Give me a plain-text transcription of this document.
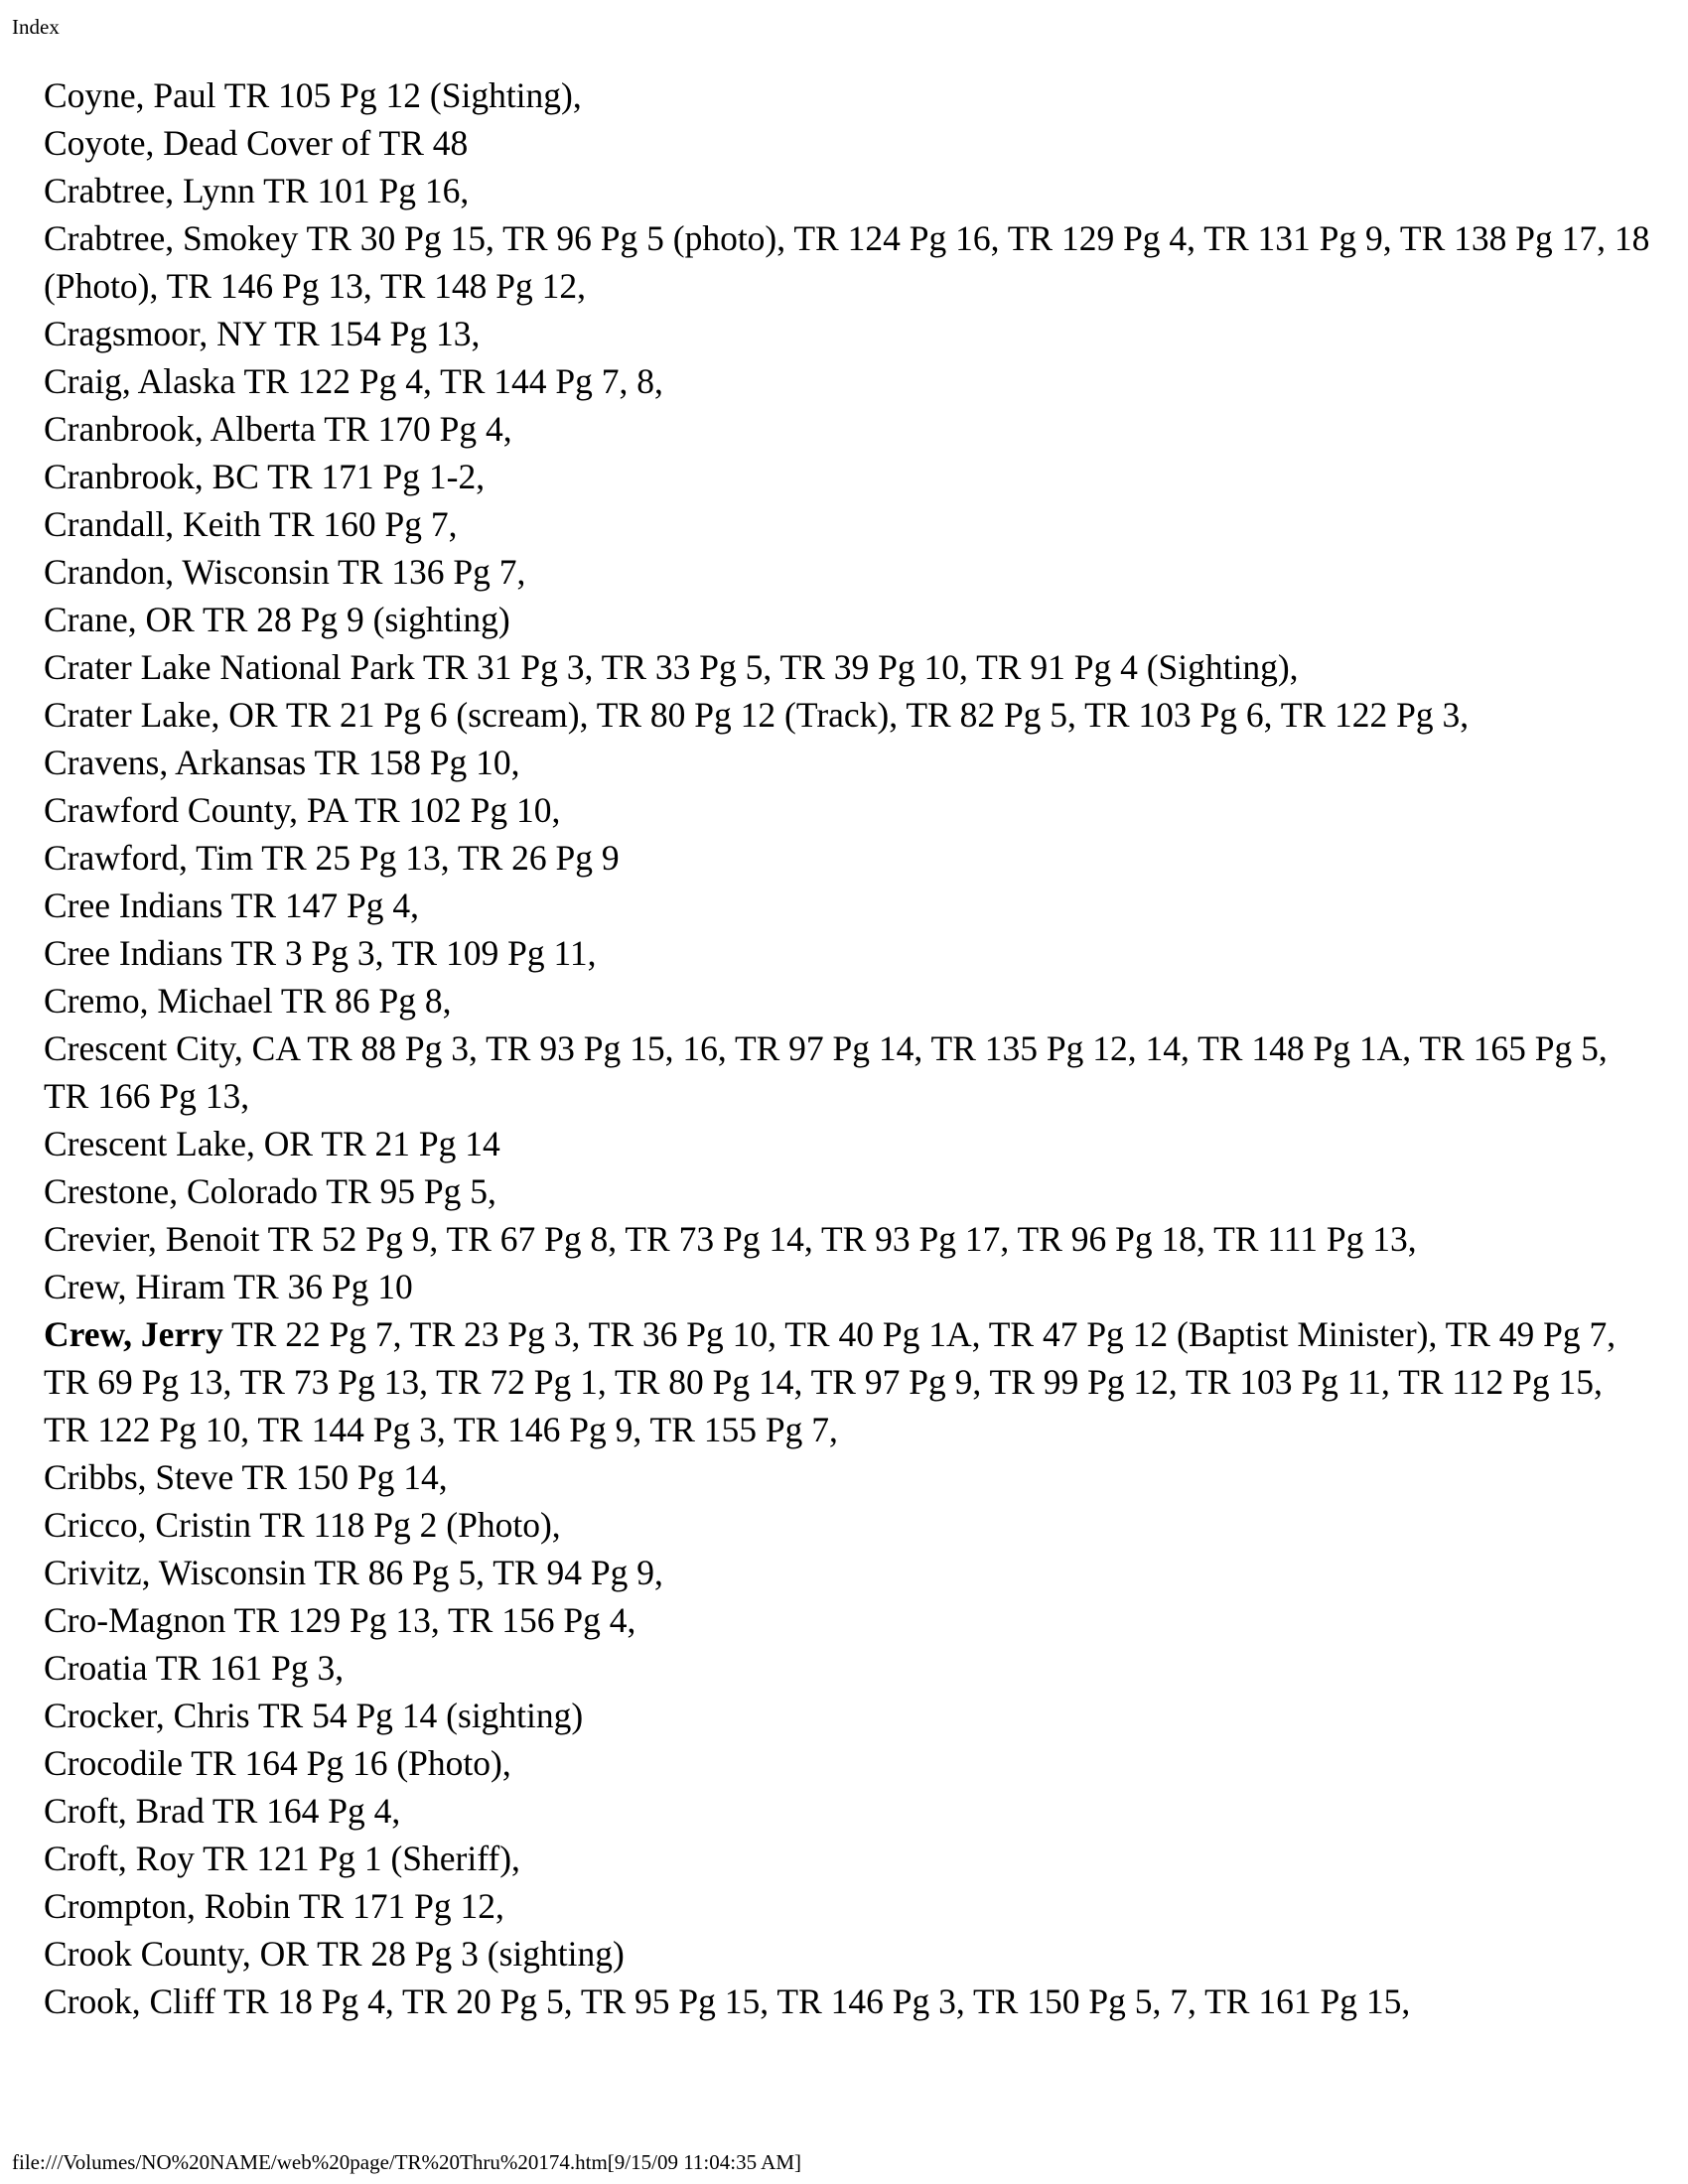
Index
Coyne, Paul TR 105 Pg 12 (Sighting),
Coyote, Dead Cover of TR 48
Crabtree, Lynn TR 101 Pg 16,
Crabtree, Smokey TR 30 Pg 15, TR 96 Pg 5 (photo), TR 124 Pg 16, TR 129 Pg 4, TR 131 Pg 9, TR 138 Pg 17, 18 (Photo), TR 146 Pg 13, TR 148 Pg 12,
Cragsmoor, NY TR 154 Pg 13,
Craig, Alaska TR 122 Pg 4, TR 144 Pg 7, 8,
Cranbrook, Alberta TR 170 Pg 4,
Cranbrook, BC TR 171 Pg 1-2,
Crandall, Keith TR 160 Pg 7,
Crandon, Wisconsin TR 136 Pg 7,
Crane, OR TR 28 Pg 9 (sighting)
Crater Lake National Park TR 31 Pg 3, TR 33 Pg 5, TR 39 Pg 10, TR 91 Pg 4 (Sighting),
Crater Lake, OR TR 21 Pg 6 (scream), TR 80 Pg 12 (Track), TR 82 Pg 5, TR 103 Pg 6, TR 122 Pg 3,
Cravens, Arkansas TR 158 Pg 10,
Crawford County, PA TR 102 Pg 10,
Crawford, Tim TR 25 Pg 13, TR 26 Pg 9
Cree Indians TR 147 Pg 4,
Cree Indians TR 3 Pg 3, TR 109 Pg 11,
Cremo, Michael TR 86 Pg 8,
Crescent City, CA TR 88 Pg 3, TR 93 Pg 15, 16, TR 97 Pg 14, TR 135 Pg 12, 14, TR 148 Pg 1A, TR 165 Pg 5, TR 166 Pg 13,
Crescent Lake, OR TR 21 Pg 14
Crestone, Colorado TR 95 Pg 5,
Crevier, Benoit TR 52 Pg 9, TR 67 Pg 8, TR 73 Pg 14, TR 93 Pg 17, TR 96 Pg 18, TR 111 Pg 13,
Crew, Hiram TR 36 Pg 10
Crew, Jerry TR 22 Pg 7, TR 23 Pg 3, TR 36 Pg 10, TR 40 Pg 1A, TR 47 Pg 12 (Baptist Minister), TR 49 Pg 7, TR 69 Pg 13, TR 73 Pg 13, TR 72 Pg 1, TR 80 Pg 14, TR 97 Pg 9, TR 99 Pg 12, TR 103 Pg 11, TR 112 Pg 15, TR 122 Pg 10, TR 144 Pg 3, TR 146 Pg 9, TR 155 Pg 7,
Cribbs, Steve TR 150 Pg 14,
Cricco, Cristin TR 118 Pg 2 (Photo),
Crivitz, Wisconsin TR 86 Pg 5, TR 94 Pg 9,
Cro-Magnon TR 129 Pg 13, TR 156 Pg 4,
Croatia TR 161 Pg 3,
Crocker, Chris TR 54 Pg 14 (sighting)
Crocodile TR 164 Pg 16 (Photo),
Croft, Brad TR 164 Pg 4,
Croft, Roy TR 121 Pg 1 (Sheriff),
Crompton, Robin TR 171 Pg 12,
Crook County, OR TR 28 Pg 3 (sighting)
Crook, Cliff TR 18 Pg 4, TR 20 Pg 5, TR 95 Pg 15, TR 146 Pg 3, TR 150 Pg 5, 7, TR 161 Pg 15,
file:///Volumes/NO%20NAME/web%20page/TR%20Thru%20174.htm[9/15/09 11:04:35 AM]
